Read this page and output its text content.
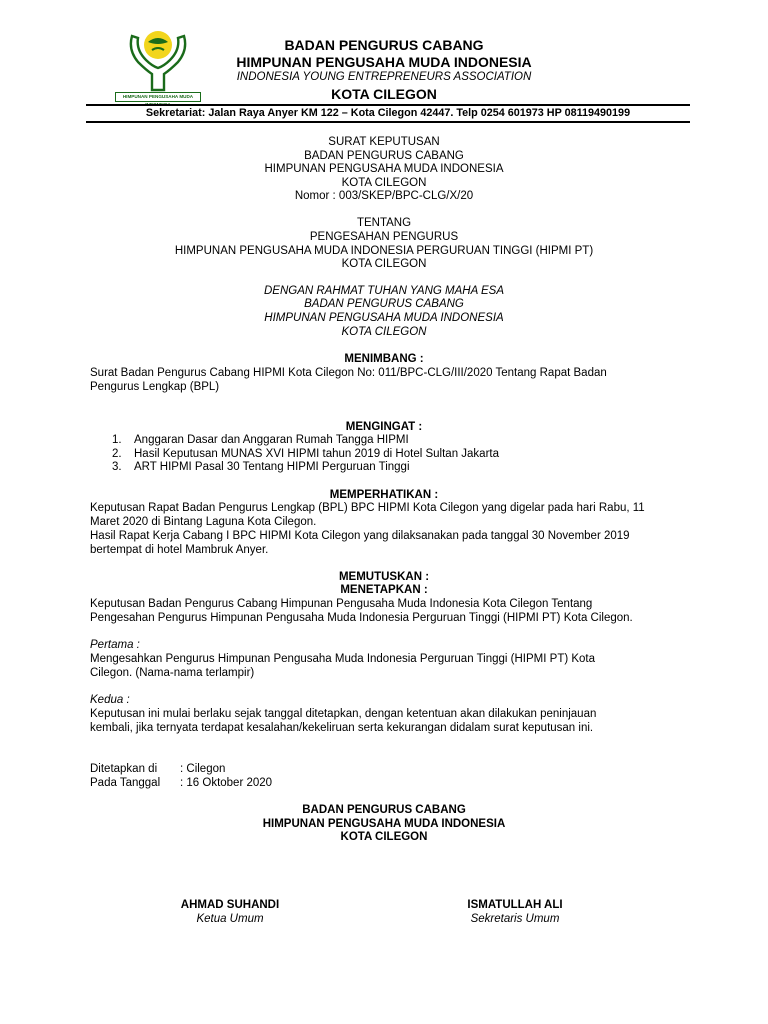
HIMPUNAN PENGUSAHA MUDA INDONESIA
BADAN PENGURUS CABANG
HIMPUNAN PENGUSAHA MUDA INDONESIA
INDONESIA YOUNG ENTREPRENEURS ASSOCIATION
KOTA CILEGON
Sekretariat: Jalan Raya Anyer KM 122 – Kota Cilegon 42447. Telp 0254 601973 HP 08119490199
SURAT KEPUTUSAN
BADAN PENGURUS CABANG
HIMPUNAN PENGUSAHA MUDA INDONESIA
KOTA CILEGON
Nomor : 003/SKEP/BPC-CLG/X/20
TENTANG
PENGESAHAN PENGURUS
HIMPUNAN PENGUSAHA MUDA INDONESIA PERGURUAN TINGGI (HIPMI PT)
KOTA CILEGON
DENGAN RAHMAT TUHAN YANG MAHA ESA
BADAN PENGURUS CABANG
HIMPUNAN PENGUSAHA MUDA INDONESIA
KOTA CILEGON
MENIMBANG :
Surat Badan Pengurus Cabang HIPMI Kota Cilegon No: 011/BPC-CLG/III/2020 Tentang Rapat Badan
Pengurus Lengkap (BPL)
MENGINGAT :
1. Anggaran Dasar dan Anggaran Rumah Tangga HIPMI
2. Hasil Keputusan MUNAS XVI HIPMI tahun 2019 di Hotel Sultan Jakarta
3. ART HIPMI Pasal 30 Tentang HIPMI Perguruan Tinggi
MEMPERHATIKAN :
Keputusan Rapat Badan Pengurus Lengkap (BPL) BPC HIPMI Kota Cilegon yang digelar pada hari Rabu, 11
Maret 2020 di Bintang Laguna Kota Cilegon.
Hasil Rapat Kerja Cabang I BPC HIPMI Kota Cilegon yang dilaksanakan pada tanggal 30 November 2019
bertempat di hotel Mambruk Anyer.
MEMUTUSKAN :
MENETAPKAN :
Keputusan Badan Pengurus Cabang Himpunan Pengusaha Muda Indonesia Kota Cilegon Tentang
Pengesahan Pengurus Himpunan Pengusaha Muda Indonesia Perguruan Tinggi (HIPMI PT) Kota Cilegon.
Pertama :
Mengesahkan Pengurus Himpunan Pengusaha Muda Indonesia Perguruan Tinggi (HIPMI PT) Kota
Cilegon. (Nama-nama terlampir)
Kedua :
Keputusan ini mulai berlaku sejak tanggal ditetapkan, dengan ketentuan akan dilakukan peninjauan
kembali, jika ternyata terdapat kesalahan/kekeliruan serta kekurangan didalam surat keputusan ini.
Ditetapkan di : Cilegon
Pada Tanggal : 16 Oktober 2020
BADAN PENGURUS CABANG
HIMPUNAN PENGUSAHA MUDA INDONESIA
KOTA CILEGON
AHMAD SUHANDI
Ketua Umum
ISMATULLAH ALI
Sekretaris Umum
